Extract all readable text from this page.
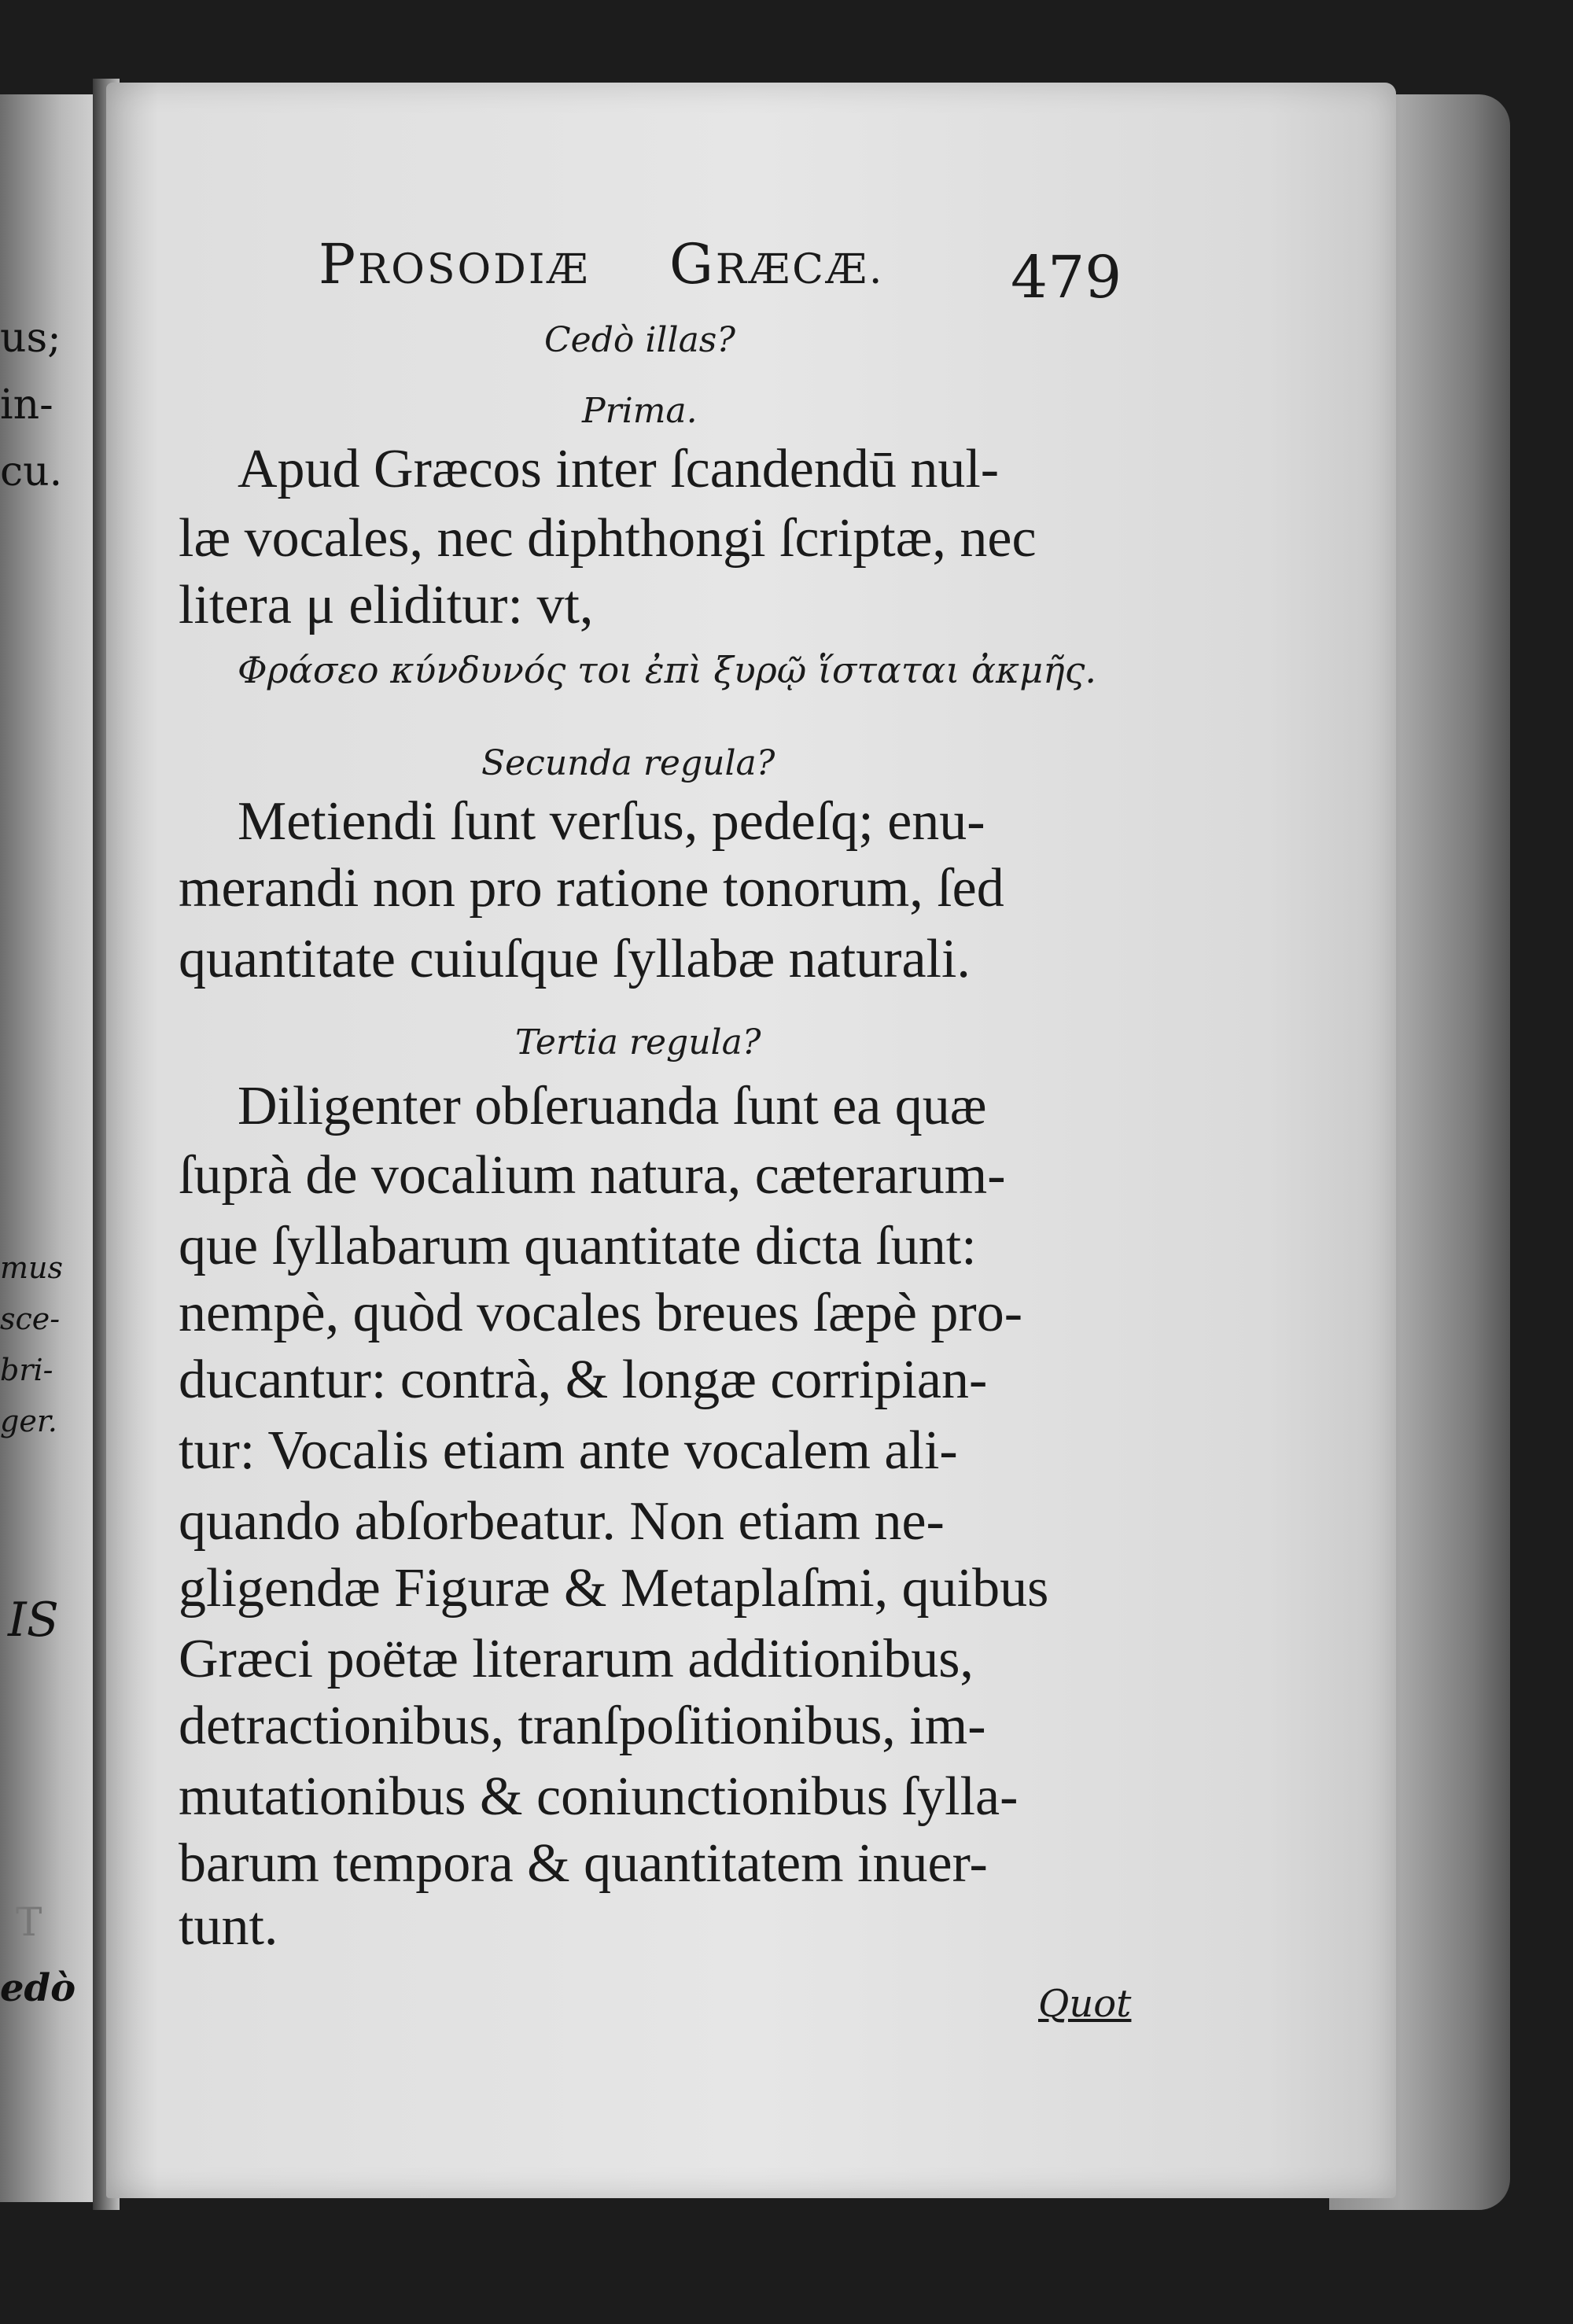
us;
in-
cu.
mus
sce-
bri-
ger.
IS
T
edò
PROSODIÆ GRÆCÆ. 479
Cedò illas?
Prima.
Apud Græcos inter ſcandendū nul-
læ vocales, nec diphthongi ſcriptæ, nec
litera μ eliditur: vt,
Φράσεο κύνδυνός τοι ἐπὶ ξυρῷ ἵσταται ἀκμῆς.
Secunda regula?
Metiendi ſunt verſus, pedeſq; enu-
merandi non pro ratione tonorum, ſed
quantitate cuiuſque ſyllabæ naturali.
Tertia regula?
Diligenter obſeruanda ſunt ea quæ
ſuprà de vocalium natura, cæterarum-
que ſyllabarum quantitate dicta ſunt:
nempè, quòd vocales breues ſæpè pro-
ducantur: contrà, & longæ corripian-
tur: Vocalis etiam ante vocalem ali-
quando abſorbeatur. Non etiam ne-
gligendæ Figuræ & Metaplaſmi, quibus
Græci poëtæ literarum additionibus,
detractionibus, tranſpoſitionibus, im-
mutationibus & coniunctionibus ſylla-
barum tempora & quantitatem inuer-
tunt.
Quot
